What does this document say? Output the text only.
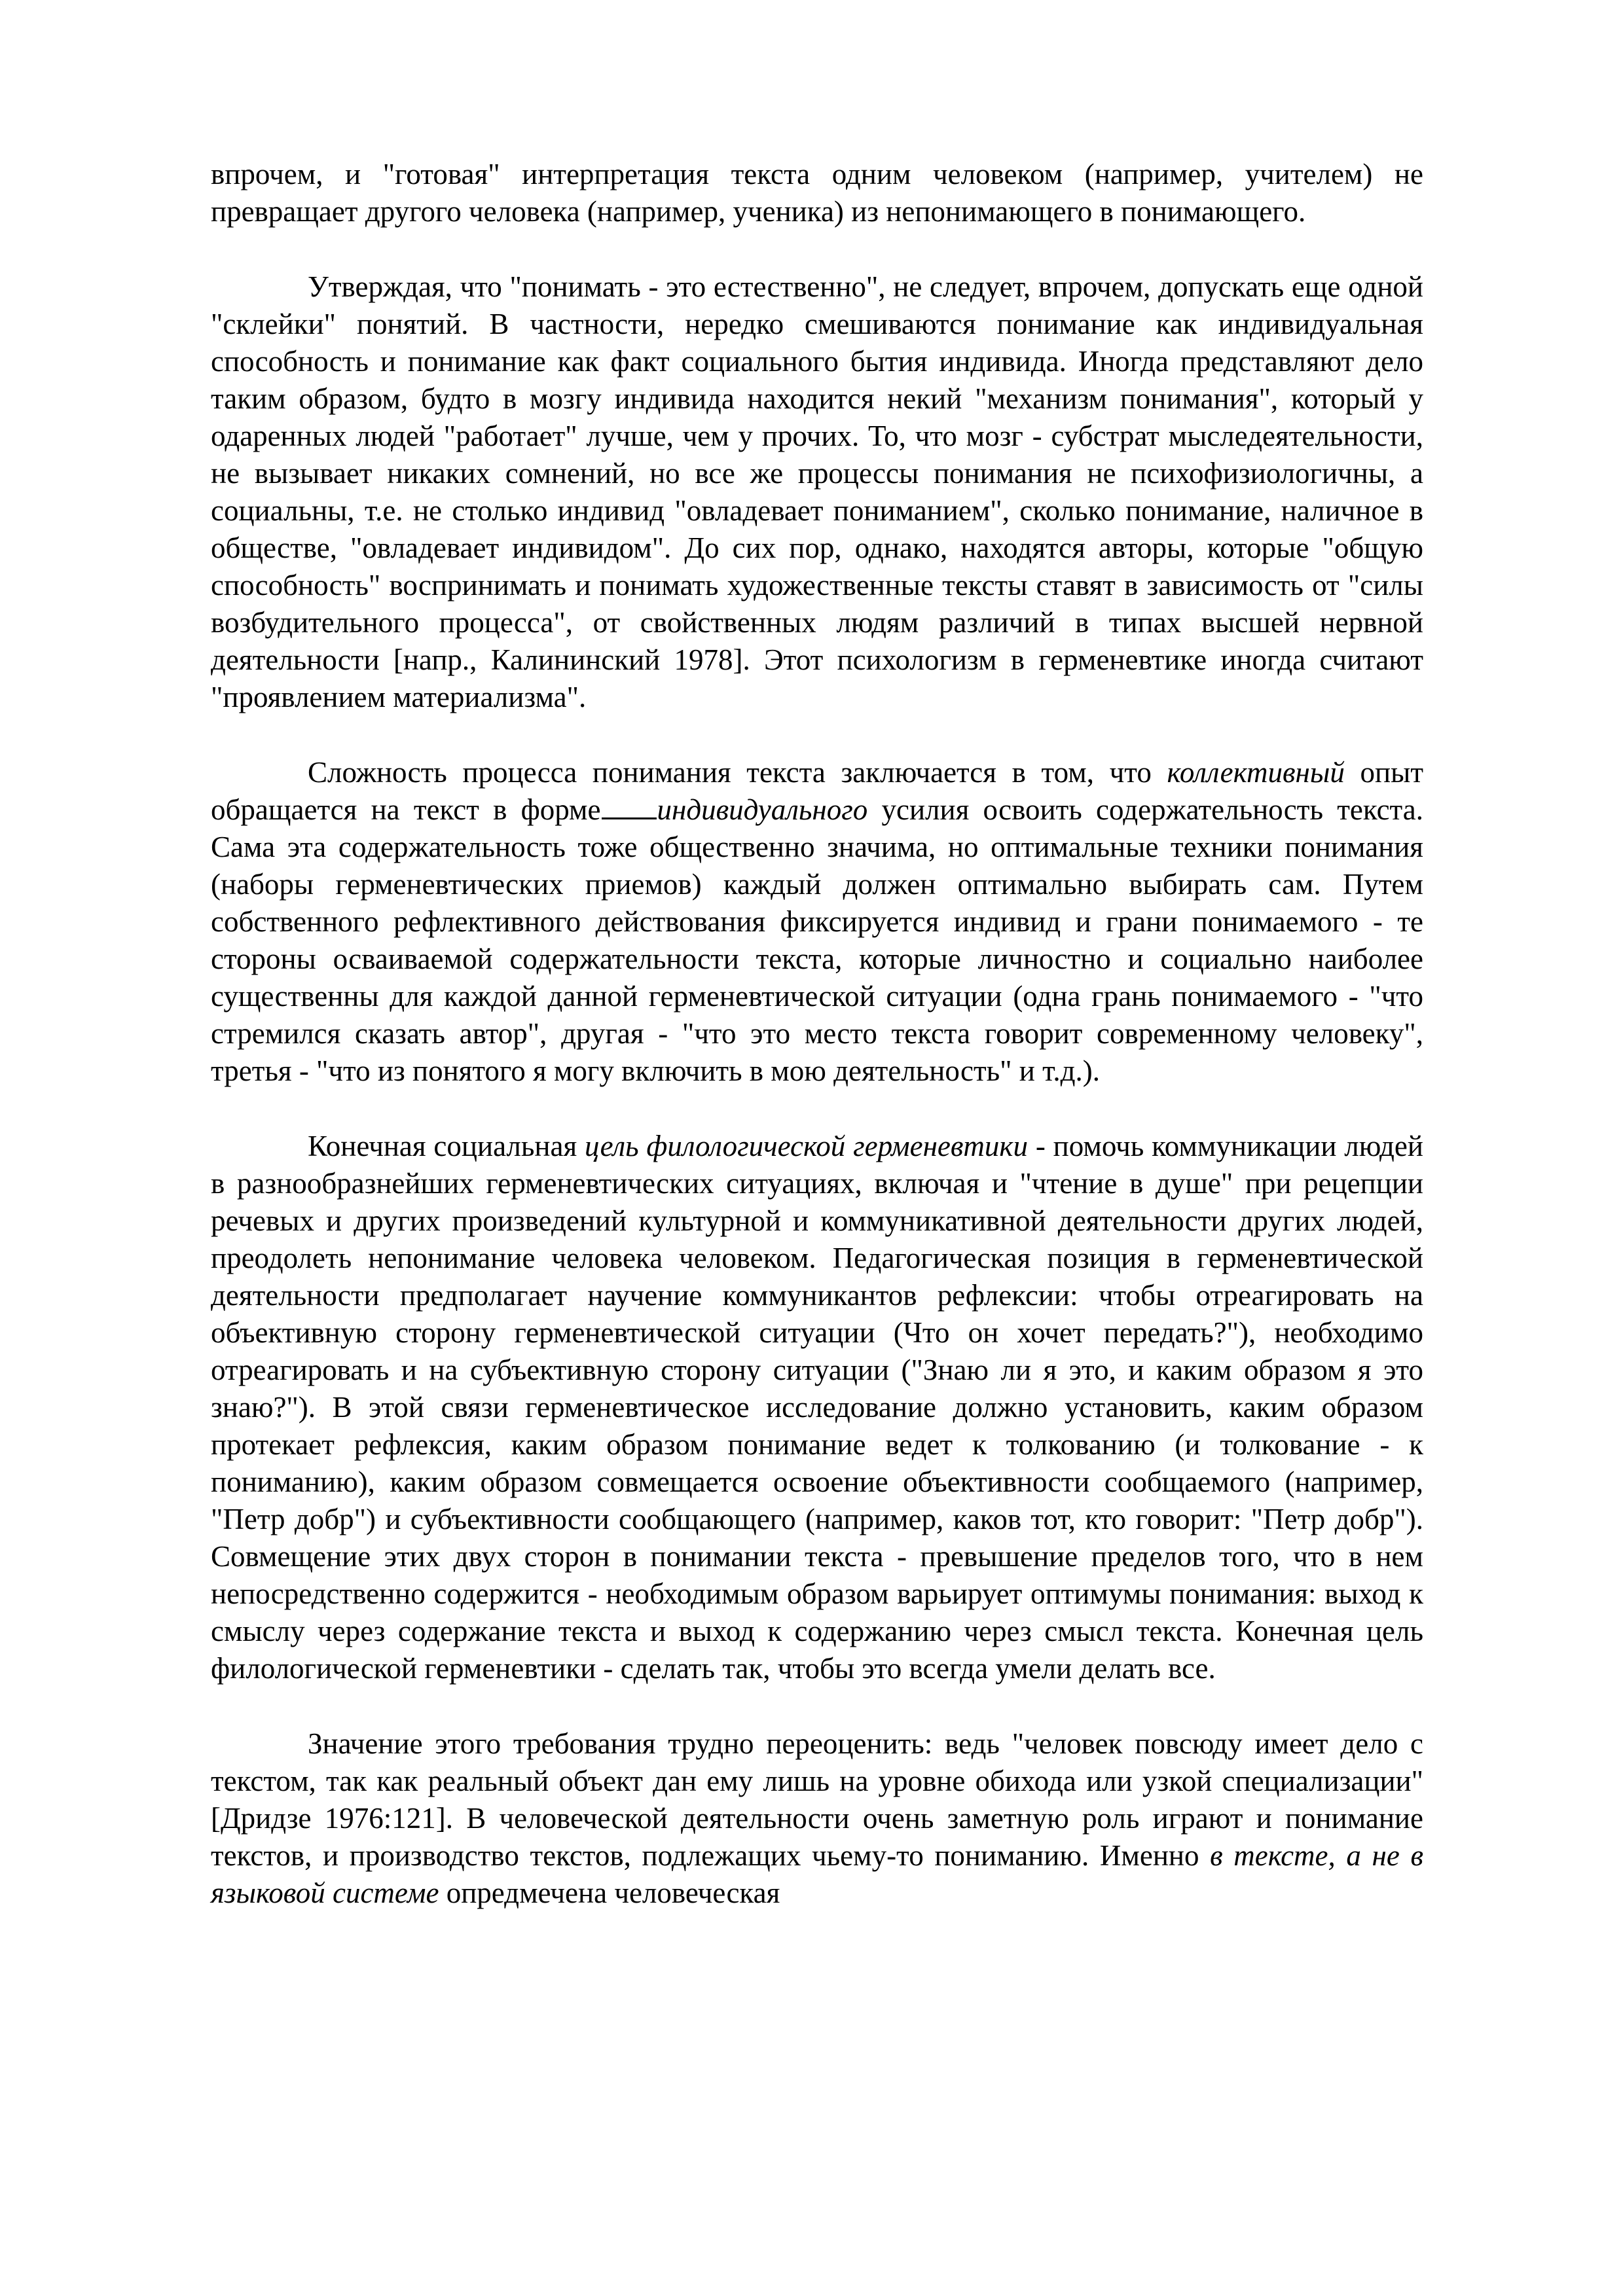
впрочем, и "готовая" интерпретация текста одним человеком (например, учителем) не превращает другого человека (например, ученика) из непонимающего в понимающего.

Утверждая, что "понимать - это естественно", не следует, впрочем, допускать еще одной "склейки" понятий. В частности, нередко смешиваются понимание как индивидуальная способность и понимание как факт социального бытия индивида. Иногда представляют дело таким образом, будто в мозгу индивида находится некий "механизм понимания", который у одаренных людей "работает" лучше, чем у прочих. То, что мозг - субстрат мыследеятельности, не вызывает никаких сомнений, но все же процессы понимания не психофизиологичны, а социальны, т.е. не столько индивид "овладевает пониманием", сколько понимание, наличное в обществе, "овладевает индивидом". До сих пор, однако, находятся авторы, которые "общую способность" воспринимать и понимать художественные тексты ставят в зависимость от "силы возбудительного процесса", от свойственных людям различий в типах высшей нервной деятельности [напр., Калининский 1978]. Этот психологизм в герменевтике иногда считают "проявлением материализма".

Сложность процесса понимания текста заключается в том, что коллективный опыт обращается на текст в форме индивидуального усилия освоить содержательность текста. Сама эта содержательность тоже общественно значима, но оптимальные техники понимания (наборы герменевтических приемов) каждый должен оптимально выбирать сам. Путем собственного рефлективного действования фиксируется индивид и грани понимаемого - те стороны осваиваемой содержательности текста, которые личностно и социально наиболее существенны для каждой данной герменевтической ситуации (одна грань понимаемого - "что стремился сказать автор", другая - "что это место текста говорит современному человеку", третья - "что из понятого я могу включить в мою деятельность" и т.д.).

Конечная социальная цель филологической герменевтики - помочь коммуникации людей в разнообразнейших герменевтических ситуациях, включая и "чтение в душе" при рецепции речевых и других произведений культурной и коммуникативной деятельности других людей, преодолеть непонимание человека человеком. Педагогическая позиция в герменевтической деятельности предполагает научение коммуникантов рефлексии: чтобы отреагировать на объективную сторону герменевтической ситуации (Что он хочет передать?"), необходимо отреагировать и на субъективную сторону ситуации ("Знаю ли я это, и каким образом я это знаю?"). В этой связи герменевтическое исследование должно установить, каким образом протекает рефлексия, каким образом понимание ведет к толкованию (и толкование - к пониманию), каким образом совмещается освоение объективности сообщаемого (например, "Петр добр") и субъективности сообщающего (например, каков тот, кто говорит: "Петр добр"). Совмещение этих двух сторон в понимании текста - превышение пределов того, что в нем непосредственно содержится - необходимым образом варьирует оптимумы понимания: выход к смыслу через содержание текста и выход к содержанию через смысл текста. Конечная цель филологической герменевтики - сделать так, чтобы это всегда умели делать все.

Значение этого требования трудно переоценить: ведь "человек повсюду имеет дело с текстом, так как реальный объект дан ему лишь на уровне обихода или узкой специализации" [Дридзе 1976:121]. В человеческой деятельности очень заметную роль играют и понимание текстов, и производство текстов, подлежащих чьему-то пониманию. Именно в тексте, а не в языковой системе опредмечена человеческая
